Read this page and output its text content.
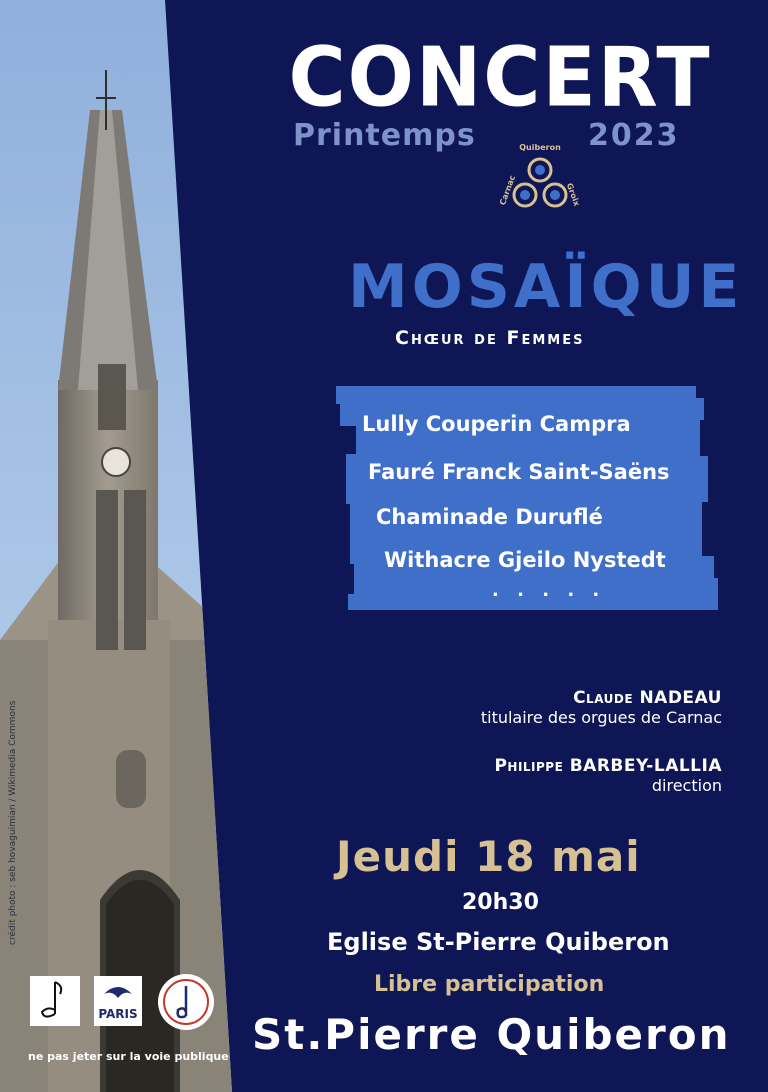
CONCERT
Printemps	2023
Quiberon
Carnac	Groix
MOSAÏQUE
Chœur de Femmes
Lully Couperin Campra
Fauré Franck Saint-Saëns
Chaminade Duruflé
Withacre Gjeilo Nystedt
. . . . .
Claude NADEAU
titulaire des orgues de Carnac
Philippe BARBEY-LALLIA
direction
Jeudi 18 mai
20h30
Eglise St-Pierre Quiberon
Libre participation
St.Pierre Quiberon
crédit photo : seb hovaguimian / Wikimedia Commons
PARIS
ne pas jeter sur la voie publique
